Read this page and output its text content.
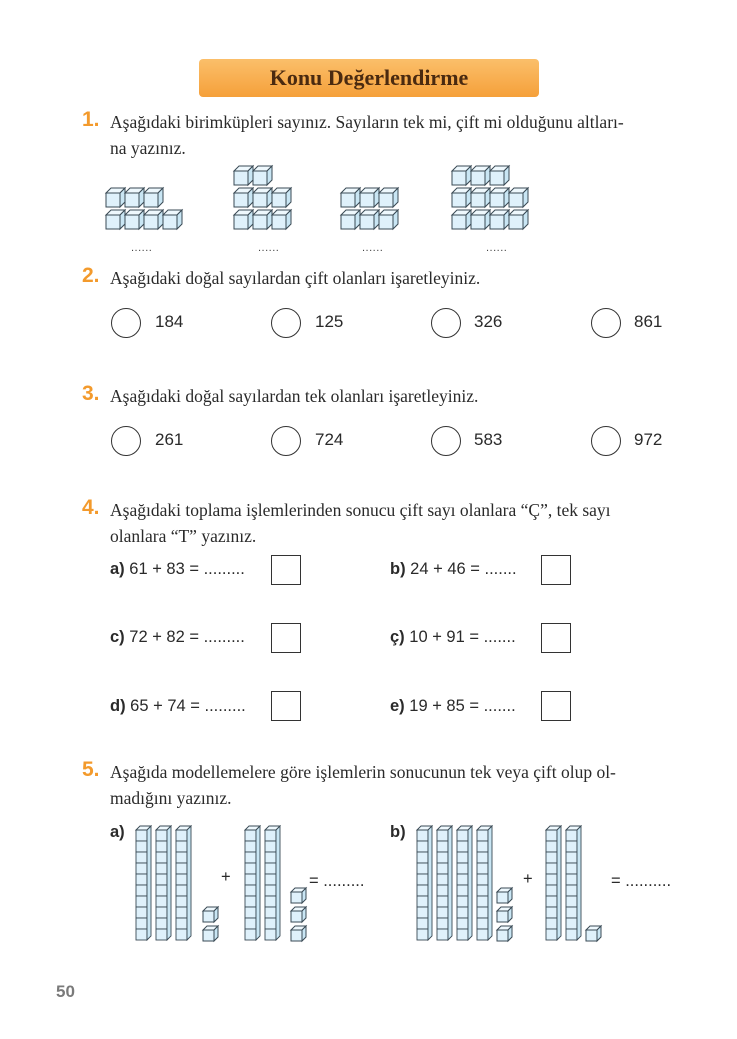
Konu Değerlendirme
1. Aşağıdaki birimküpleri sayınız. Sayıların tek mi, çift mi olduğunu altları-
na yazınız.
......	......	......	......
2. Aşağıdaki doğal sayılardan çift olanları işaretleyiniz.
184	125	326	861
3. Aşağıdaki doğal sayılardan tek olanları işaretleyiniz.
261	724	583	972
4. Aşağıdaki toplama işlemlerinden sonucu çift sayı olanlara “Ç”, tek sayı
olanlara “T” yazınız.
a) 61 + 83 = .........	b) 24 + 46 = .......
c) 72 + 82 = .........	ç) 10 + 91 = .......
d) 65 + 74 = .........	e) 19 + 85 = .......
5. Aşağıda modellemelere göre işlemlerin sonucunun tek veya çift olup ol-
madığını yazınız.
a)
+	= .........
b)
+	= ..........
50
